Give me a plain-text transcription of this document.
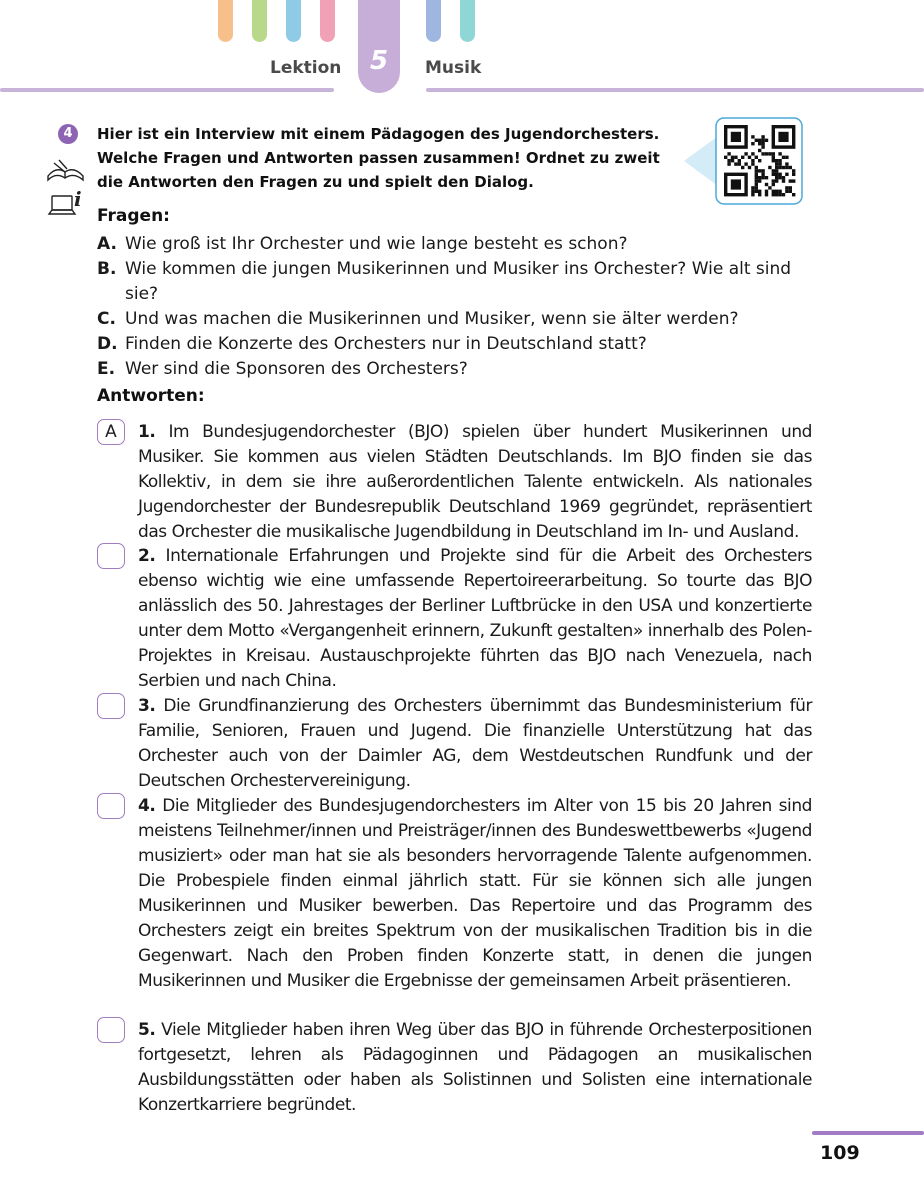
5
Lektion	Musik
4
i
Hier ist ein Interview mit einem Pädagogen des Jugendorchesters.
Welche Fragen und Antworten passen zusammen! Ordnet zu zweit
die Antworten den Fragen zu und spielt den Dialog.
Fragen:
A. Wie groß ist Ihr Orchester und wie lange besteht es schon?
B. Wie kommen die jungen Musikerinnen und Musiker ins Orchester? Wie alt sind sie?
C. Und was machen die Musikerinnen und Musiker, wenn sie älter werden?
D. Finden die Konzerte des Orchesters nur in Deutschland statt?
E. Wer sind die Sponsoren des Orchesters?
Antworten:
A	1. Im Bundesjugendorchester (BJO) spielen über hundert Musikerinnen und Musiker. Sie kommen aus vielen Städten Deutschlands. Im BJO finden sie das Kollektiv, in dem sie ihre außerordentlichen Talente entwickeln. Als nationales Jugendorchester der Bundesrepublik Deutschland 1969 gegründet, repräsentiert das Orchester die musikalische Jugendbildung in Deutschland im In- und Ausland.
2. Internationale Erfahrungen und Projekte sind für die Arbeit des Orchesters ebenso wichtig wie eine umfassende Repertoireerarbeitung. So tourte das BJO anlässlich des 50. Jahrestages der Berliner Luftbrücke in den USA und konzertierte unter dem Motto «Vergangenheit erinnern, Zukunft gestalten» innerhalb des Polen-Projektes in Kreisau. Austauschprojekte führten das BJO nach Venezuela, nach Serbien und nach China.
3. Die Grundfinanzierung des Orchesters übernimmt das Bundesministerium für Familie, Senioren, Frauen und Jugend. Die finanzielle Unterstützung hat das Orchester auch von der Daimler AG, dem Westdeutschen Rundfunk und der Deutschen Orchestervereinigung.
4. Die Mitglieder des Bundesjugendorchesters im Alter von 15 bis 20 Jahren sind meistens Teilnehmer/innen und Preisträger/innen des Bundeswettbewerbs «Jugend musiziert» oder man hat sie als besonders hervorragende Talente aufgenommen. Die Probespiele finden einmal jährlich statt. Für sie können sich alle jungen Musikerinnen und Musiker bewerben. Das Repertoire und das Programm des Orchesters zeigt ein breites Spektrum von der musikalischen Tradition bis in die Gegenwart. Nach den Proben finden Konzerte statt, in denen die jungen Musikerinnen und Musiker die Ergebnisse der gemeinsamen Arbeit präsentieren.
5. Viele Mitglieder haben ihren Weg über das BJO in führende Orchesterpositionen fortgesetzt, lehren als Pädagoginnen und Pädagogen an musikalischen Ausbildungsstätten oder haben als Solistinnen und Solisten eine internationale Konzertkarriere begründet.
109
